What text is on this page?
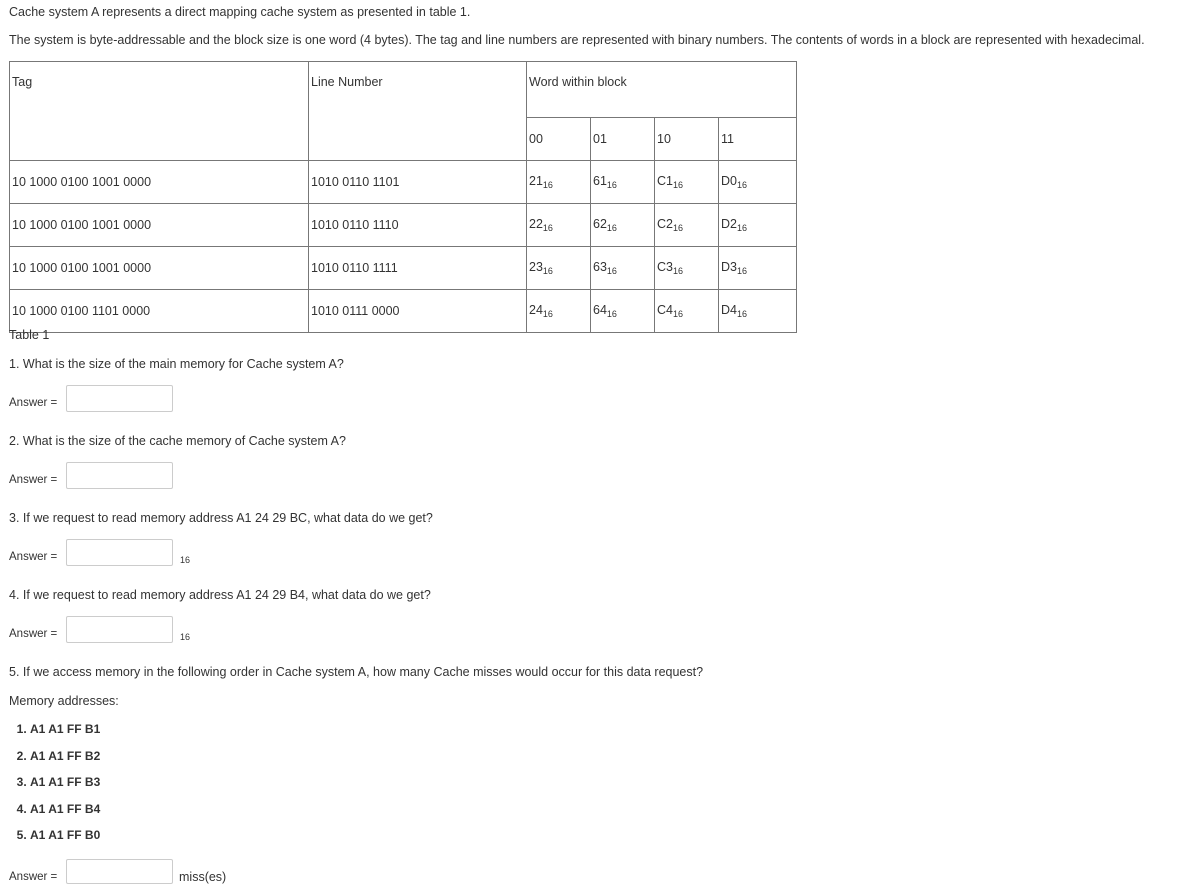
Cache system A represents a direct mapping cache system as presented in table 1.
The system is byte-addressable and the block size is one word (4 bytes). The tag and line numbers are represented with binary numbers. The contents of words in a block are represented with hexadecimal.
Tag	Line Number	Word within block			
		00	01	10	11
10 1000 0100 1001 0000	1010 0110 1101	$21_{16}$	$61_{16}$	$C1_{16}$	$D0_{16}$
10 1000 0100 1001 0000	1010 0110 1110	$22_{16}$	$62_{16}$	$C2_{16}$	$D2_{16}$
10 1000 0100 1001 0000	1010 0110 1111	$23_{16}$	$63_{16}$	$C3_{16}$	$D3_{16}$
10 1000 0100 1101 0000	1010 0111 0000	$24_{16}$	$64_{16}$	$C4_{16}$	$D4_{16}$
Table 1
1. What is the size of the main memory for Cache system A?
Answer =
2. What is the size of the cache memory of Cache system A?
Answer =
3. If we request to read memory address A1 24 29 BC, what data do we get?
Answer =	16
4. If we request to read memory address A1 24 29 B4, what data do we get?
Answer =	16
5. If we access memory in the following order in Cache system A, how many Cache misses would occur for this data request?
Memory addresses:
1. A1 A1 FF B1
2. A1 A1 FF B2
3. A1 A1 FF B3
4. A1 A1 FF B4
5. A1 A1 FF B0
Answer =	miss(es)
